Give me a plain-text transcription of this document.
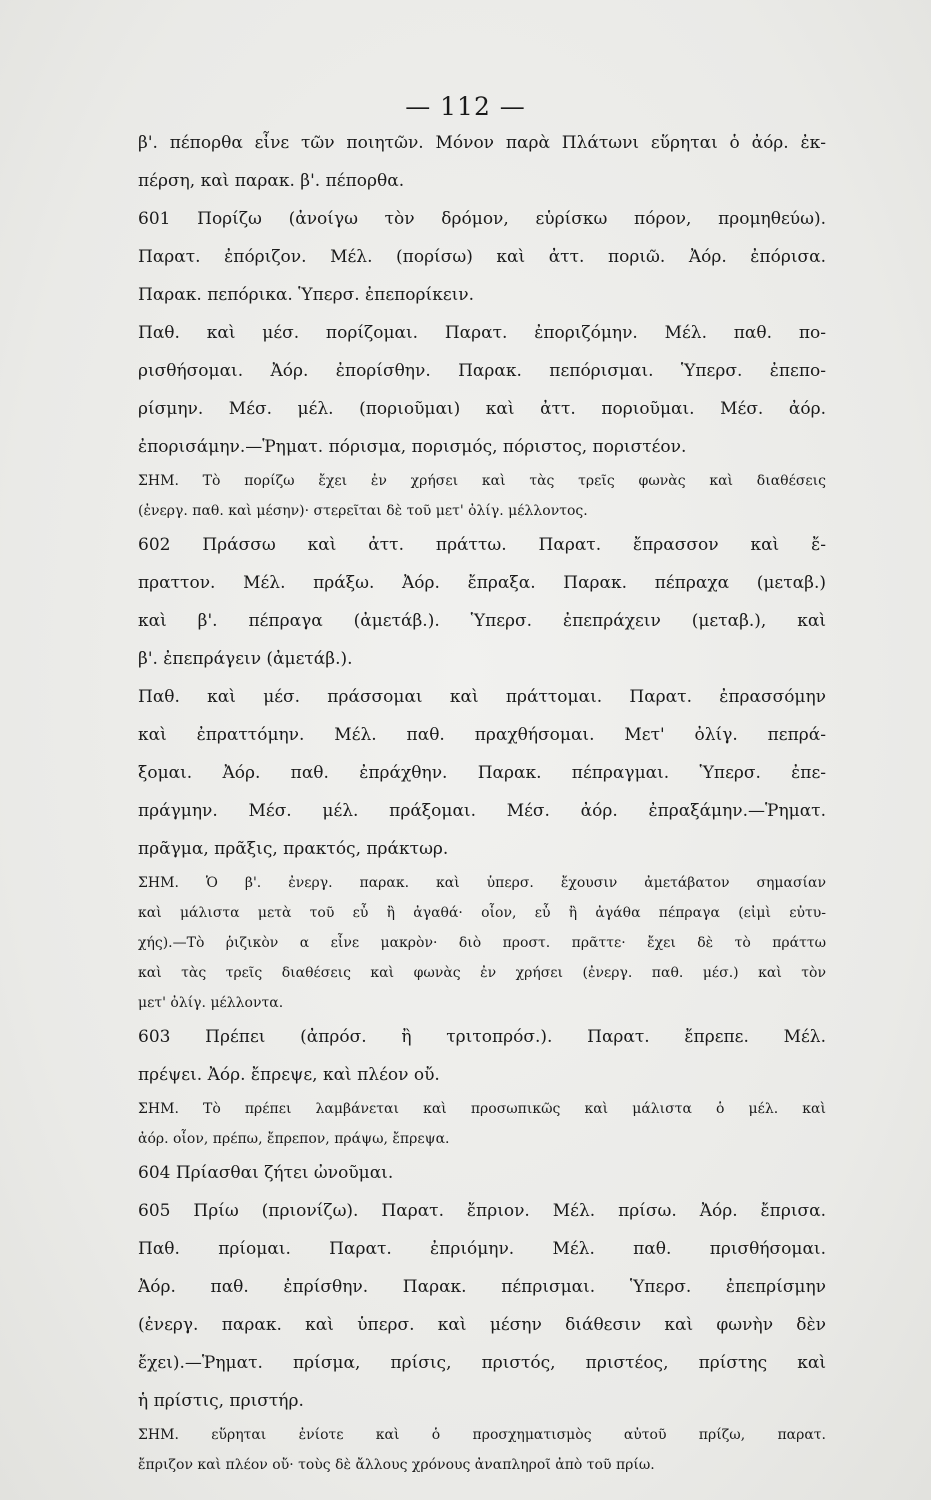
— 112 —
β'. πέπορθα εἶνε τῶν ποιητῶν. Μόνον παρὰ Πλάτωνι εὕρηται ὁ ἀόρ. ἐκ-
πέρση, καὶ παρακ. β'. πέπορθα.
601 Πορίζω (ἀνοίγω τὸν δρόμον, εὑρίσκω πόρον, προμηθεύω).
Παρατ. ἐπόριζον. Μέλ. (πορίσω) καὶ ἀττ. ποριῶ. Ἀόρ. ἐπόρισα.
Παρακ. πεπόρικα. Ὑπερσ. ἐπεπορίκειν.
Παθ. καὶ μέσ. πορίζομαι. Παρατ. ἐποριζόμην. Μέλ. παθ. πο-
ρισθήσομαι. Ἀόρ. ἐπορίσθην. Παρακ. πεπόρισμαι. Ὑπερσ. ἐπεπο-
ρίσμην. Μέσ. μέλ. (ποριοῦμαι) καὶ ἀττ. ποριοῦμαι. Μέσ. ἀόρ.
ἐπορισάμην.—Ῥηματ. πόρισμα, πορισμός, πόριστος, ποριστέον.
ΣΗΜ. Τὸ πορίζω ἔχει ἐν χρήσει καὶ τὰς τρεῖς φωνὰς καὶ διαθέσεις
(ἐνεργ. παθ. καὶ μέσην)· στερεῖται δὲ τοῦ μετ' ὀλίγ. μέλλοντος.
602 Πράσσω καὶ ἀττ. πράττω. Παρατ. ἔπρασσον καὶ ἔ-
πραττον. Μέλ. πράξω. Ἀόρ. ἔπραξα. Παρακ. πέπραχα (μεταβ.)
καὶ β'. πέπραγα (ἀμετάβ.). Ὑπερσ. ἐπεπράχειν (μεταβ.), καὶ
β'. ἐπεπράγειν (ἀμετάβ.).
Παθ. καὶ μέσ. πράσσομαι καὶ πράττομαι. Παρατ. ἐπρασσόμην
καὶ ἐπραττόμην. Μέλ. παθ. πραχθήσομαι. Μετ' ὀλίγ. πεπρά-
ξομαι. Ἀόρ. παθ. ἐπράχθην. Παρακ. πέπραγμαι. Ὑπερσ. ἐπε-
πράγμην. Μέσ. μέλ. πράξομαι. Μέσ. ἀόρ. ἐπραξάμην.—Ῥηματ.
πρᾶγμα, πρᾶξις, πρακτός, πράκτωρ.
ΣΗΜ. Ὁ β'. ἐνεργ. παρακ. καὶ ὑπερσ. ἔχουσιν ἀμετάβατον σημασίαν
καὶ μάλιστα μετὰ τοῦ εὖ ἢ ἀγαθά· οἷον, εὖ ἢ ἀγάθα πέπραγα (εἰμὶ εὐτυ-
χής).—Τὸ ῥιζικὸν α εἶνε μακρὸν· διὸ προστ. πρᾶττε· ἔχει δὲ τὸ πράττω
καὶ τὰς τρεῖς διαθέσεις καὶ φωνὰς ἐν χρήσει (ἐνεργ. παθ. μέσ.) καὶ τὸν
μετ' ὀλίγ. μέλλοντα.
603 Πρέπει (ἀπρόσ. ἢ τριτοπρόσ.). Παρατ. ἔπρεπε. Μέλ.
πρέψει. Ἀόρ. ἔπρεψε, καὶ πλέον οὔ.
ΣΗΜ. Τὸ πρέπει λαμβάνεται καὶ προσωπικῶς καὶ μάλιστα ὁ μέλ. καὶ
ἀόρ. οἷον, πρέπω, ἔπρεπον, πράψω, ἔπρεψα.
604 Πρίασθαι ζήτει ὠνοῦμαι.
605 Πρίω (πριονίζω). Παρατ. ἔπριον. Μέλ. πρίσω. Ἀόρ. ἔπρισα.
Παθ. πρίομαι. Παρατ. ἐπριόμην. Μέλ. παθ. πρισθήσομαι.
Ἀόρ. παθ. ἐπρίσθην. Παρακ. πέπρισμαι. Ὑπερσ. ἐπεπρίσμην
(ἐνεργ. παρακ. καὶ ὑπερσ. καὶ μέσην διάθεσιν καὶ φωνὴν δὲν
ἔχει).—Ῥηματ. πρίσμα, πρίσις, πριστός, πριστέος, πρίστης καὶ
ἡ πρίστις, πριστήρ.
ΣΗΜ. εὕρηται ἐνίοτε καὶ ὁ προσχηματισμὸς αὐτοῦ πρίζω, παρατ.
ἔπριζον καὶ πλέον οὔ· τοὺς δὲ ἄλλους χρόνους ἀναπληροῖ ἀπὸ τοῦ πρίω.
